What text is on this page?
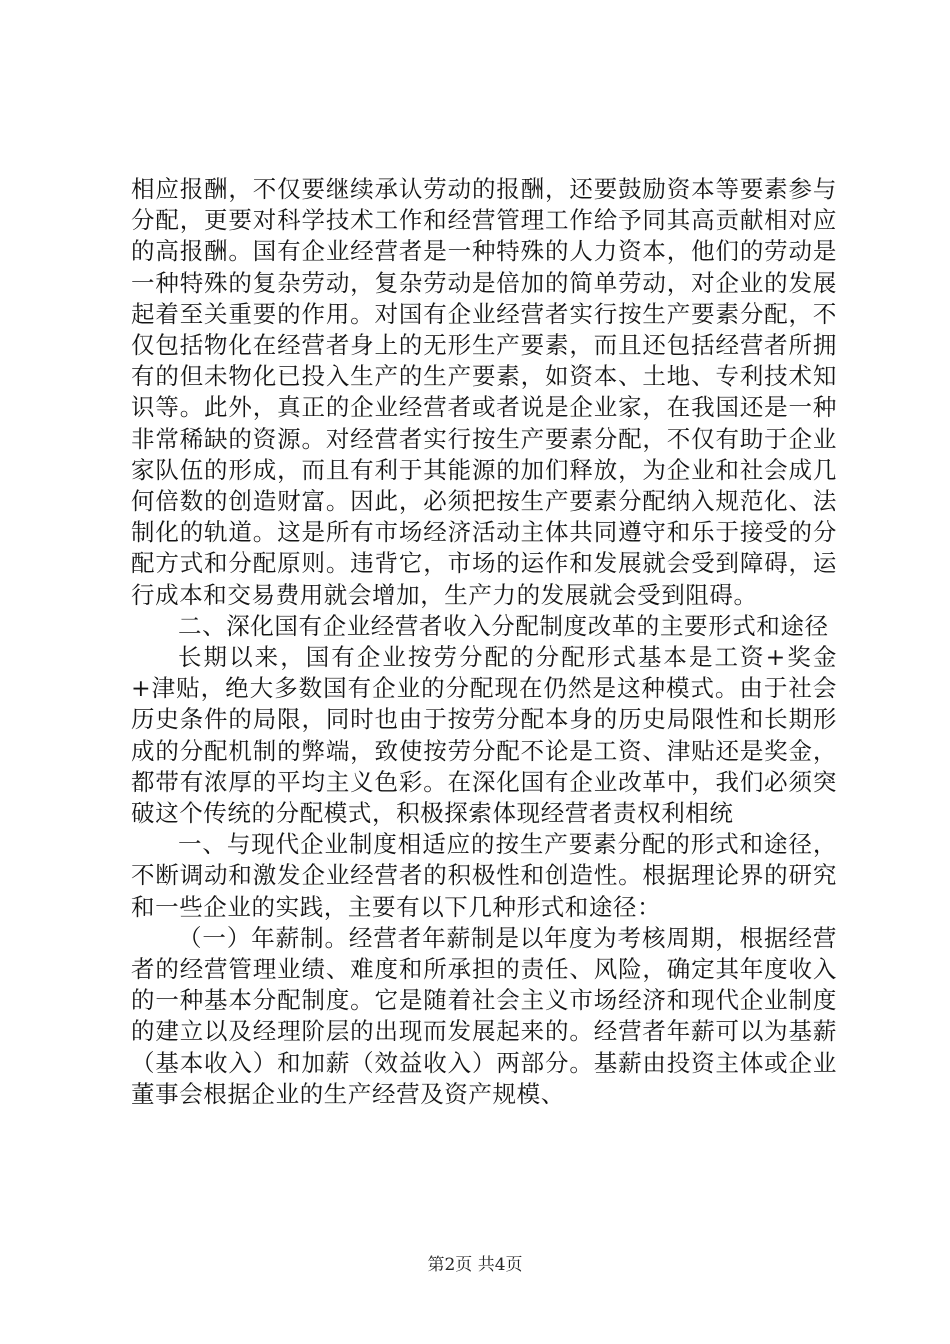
相应报酬，不仅要继续承认劳动的报酬，还要鼓励资本等要素参与分配，更要对科学技术工作和经营管理工作给予同其高贡献相对应的高报酬。国有企业经营者是一种特殊的人力资本，他们的劳动是一种特殊的复杂劳动，复杂劳动是倍加的简单劳动，对企业的发展起着至关重要的作用。对国有企业经营者实行按生产要素分配，不仅包括物化在经营者身上的无形生产要素，而且还包括经营者所拥有的但未物化已投入生产的生产要素，如资本、土地、专利技术知识等。此外，真正的企业经营者或者说是企业家，在我国还是一种非常稀缺的资源。对经营者实行按生产要素分配，不仅有助于企业家队伍的形成，而且有利于其能源的加们释放，为企业和社会成几何倍数的创造财富。因此，必须把按生产要素分配纳入规范化、法制化的轨道。这是所有市场经济活动主体共同遵守和乐于接受的分配方式和分配原则。违背它，市场的运作和发展就会受到障碍，运行成本和交易费用就会增加，生产力的发展就会受到阻碍。

二、深化国有企业经营者收入分配制度改革的主要形式和途径

长期以来，国有企业按劳分配的分配形式基本是工资+奖金+津贴，绝大多数国有企业的分配现在仍然是这种模式。由于社会历史条件的局限，同时也由于按劳分配本身的历史局限性和长期形成的分配机制的弊端，致使按劳分配不论是工资、津贴还是奖金，都带有浓厚的平均主义色彩。在深化国有企业改革中，我们必须突破这个传统的分配模式，积极探索体现经营者责权利相统

一、与现代企业制度相适应的按生产要素分配的形式和途径，不断调动和激发企业经营者的积极性和创造性。根据理论界的研究和一些企业的实践，主要有以下几种形式和途径：

（一）年薪制。经营者年薪制是以年度为考核周期，根据经营者的经营管理业绩、难度和所承担的责任、风险，确定其年度收入的一种基本分配制度。它是随着社会主义市场经济和现代企业制度的建立以及经理阶层的出现而发展起来的。经营者年薪可以为基薪（基本收入）和加薪（效益收入）两部分。基薪由投资主体或企业董事会根据企业的生产经营及资产规模、

第2页 共4页
